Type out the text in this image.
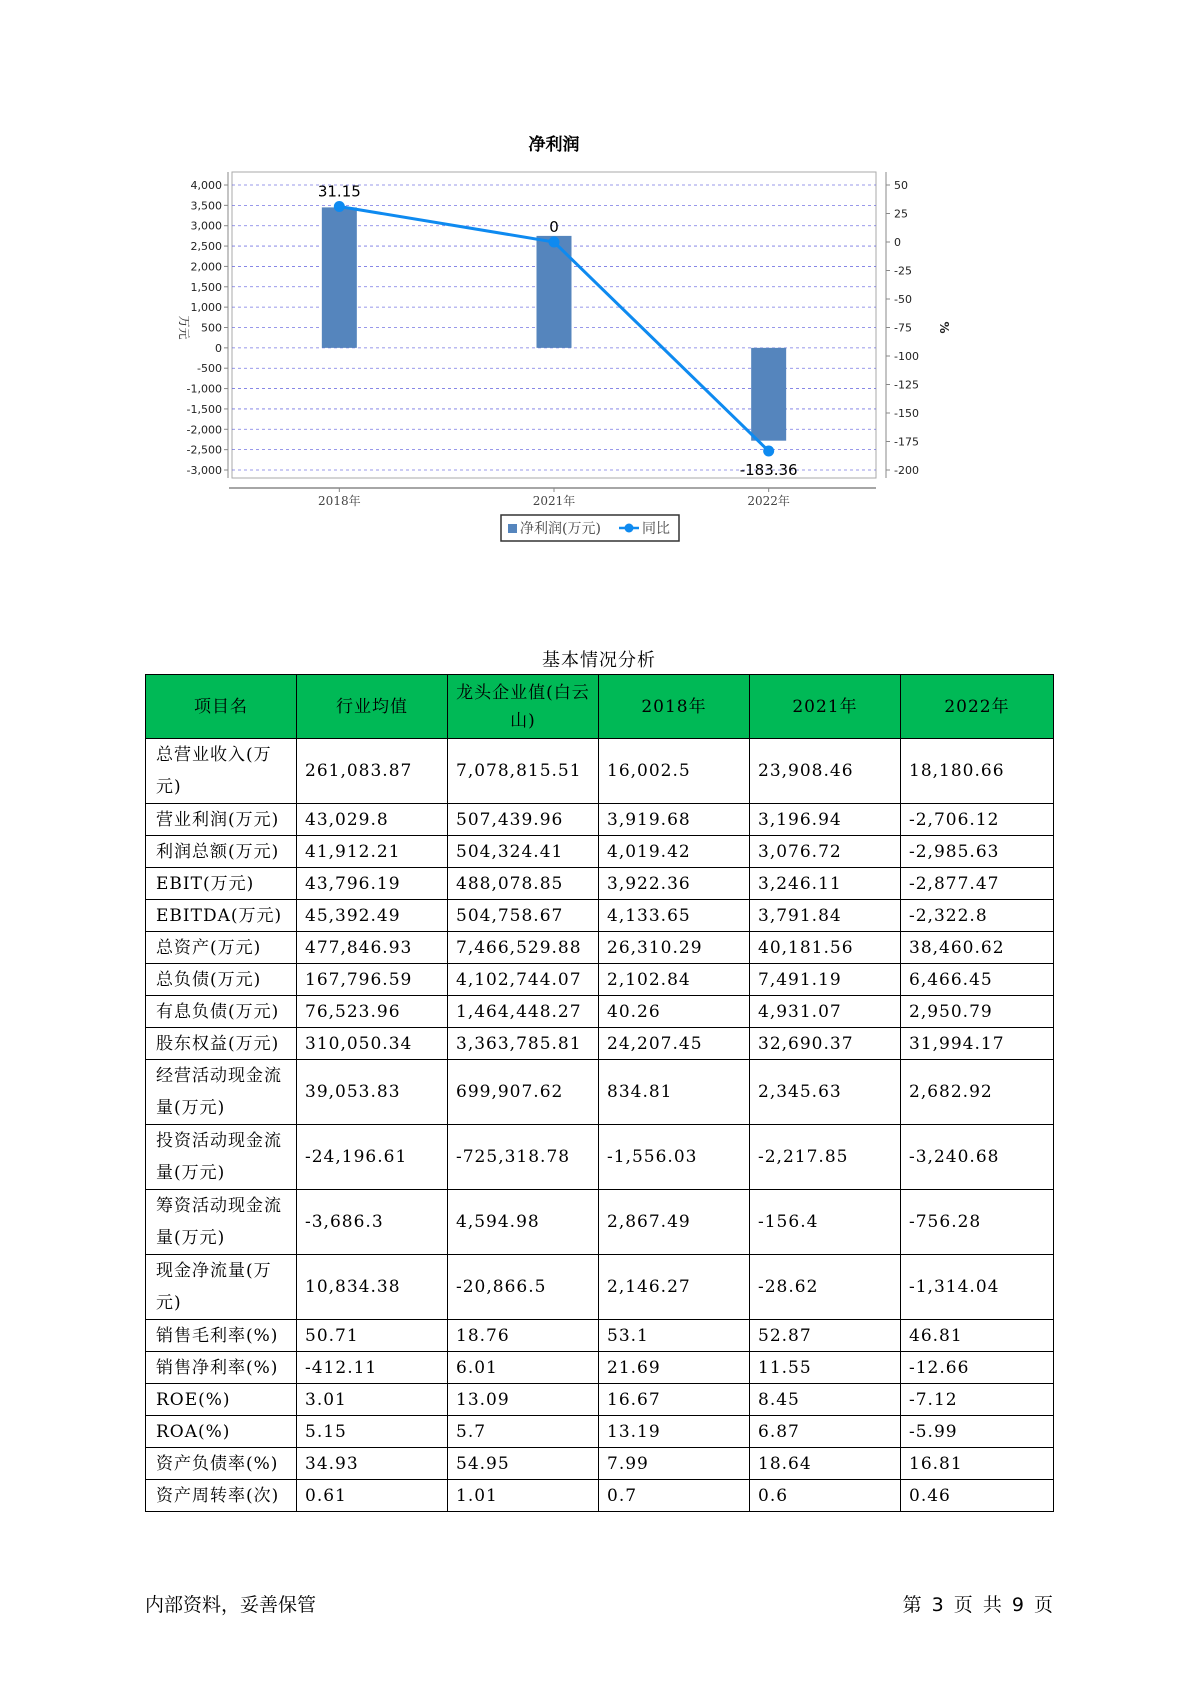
净利润
4,000
3,500
3,000
2,500
2,000
1,500
1,000
500
0
-500
-1,000
-1,500
-2,000
-2,500
-3,000
50
25
0
-25
-50
-75
-100
-125
-150
-175
-200
万元	%
31.15
0
-183.36
2018年	2021年	2022年
净利润(万元)	同比
基本情况分析
项目名	行业均值	龙头企业值(白云山)	2018年	2021年	2022年
总营业收入(万元)	261,083.87	7,078,815.51	16,002.5	23,908.46	18,180.66
营业利润(万元)	43,029.8	507,439.96	3,919.68	3,196.94	-2,706.12
利润总额(万元)	41,912.21	504,324.41	4,019.42	3,076.72	-2,985.63
EBIT(万元)	43,796.19	488,078.85	3,922.36	3,246.11	-2,877.47
EBITDA(万元)	45,392.49	504,758.67	4,133.65	3,791.84	-2,322.8
总资产(万元)	477,846.93	7,466,529.88	26,310.29	40,181.56	38,460.62
总负债(万元)	167,796.59	4,102,744.07	2,102.84	7,491.19	6,466.45
有息负债(万元)	76,523.96	1,464,448.27	40.26	4,931.07	2,950.79
股东权益(万元)	310,050.34	3,363,785.81	24,207.45	32,690.37	31,994.17
经营活动现金流量(万元)	39,053.83	699,907.62	834.81	2,345.63	2,682.92
投资活动现金流量(万元)	-24,196.61	-725,318.78	-1,556.03	-2,217.85	-3,240.68
筹资活动现金流量(万元)	-3,686.3	4,594.98	2,867.49	-156.4	-756.28
现金净流量(万元)	10,834.38	-20,866.5	2,146.27	-28.62	-1,314.04
销售毛利率(%)	50.71	18.76	53.1	52.87	46.81
销售净利率(%)	-412.11	6.01	21.69	11.55	-12.66
ROE(%)	3.01	13.09	16.67	8.45	-7.12
ROA(%)	5.15	5.7	13.19	6.87	-5.99
资产负债率(%)	34.93	54.95	7.99	18.64	16.81
资产周转率(次)	0.61	1.01	0.7	0.6	0.46
内部资料，妥善保管	第 3 页 共 9 页
